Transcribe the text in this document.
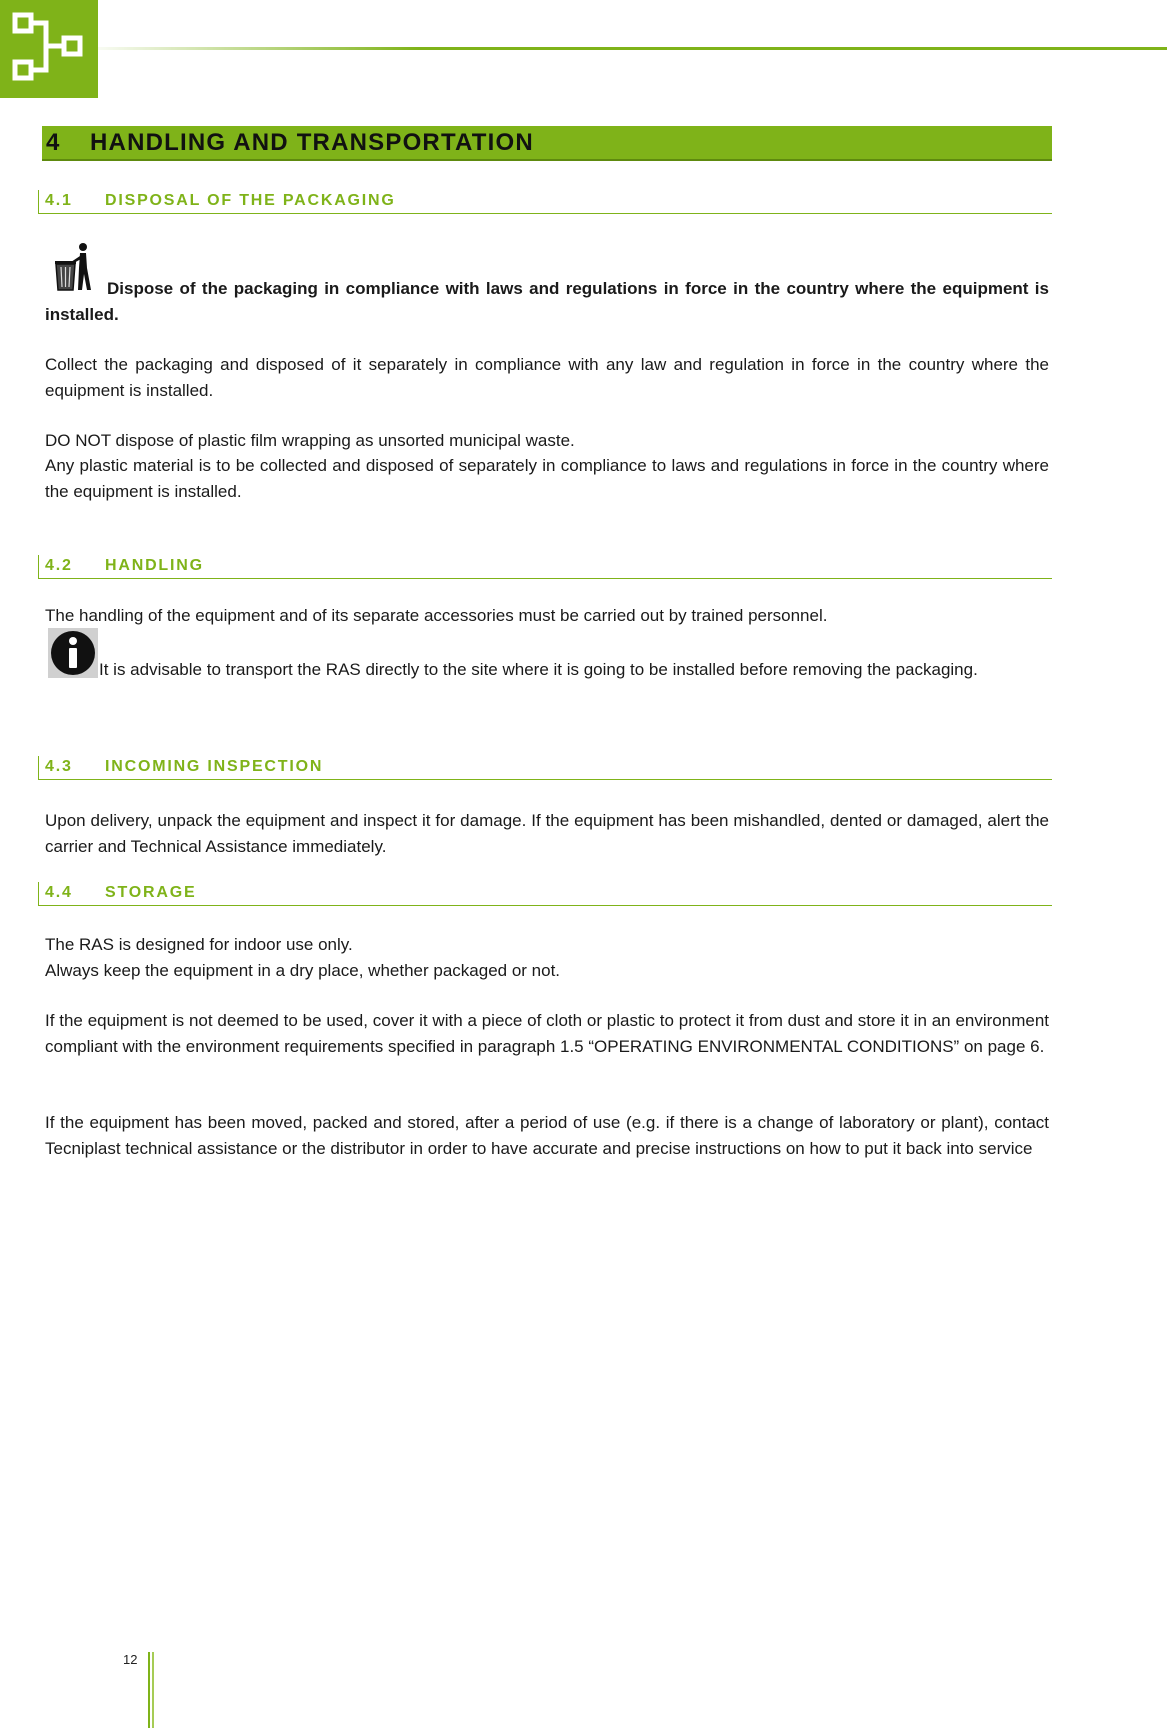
4	HANDLING AND TRANSPORTATION
4.1 DISPOSAL OF THE PACKAGING

Dispose of the packaging in compliance with laws and regulations in force in the country where the equipment is installed.

Collect the packaging and disposed of it separately in compliance with any law and regulation in force in the country where the equipment is installed.

DO NOT dispose of plastic film wrapping as unsorted municipal waste.

Any plastic material is to be collected and disposed of separately in compliance to laws and regulations in force in the country where the equipment is installed.

4.2 HANDLING

The handling of the equipment and of its separate accessories must be carried out by trained personnel.

It is advisable to transport the RAS directly to the site where it is going to be installed before removing the packaging.

4.3 INCOMING INSPECTION

Upon delivery, unpack the equipment and inspect it for damage. If the equipment has been mishandled, dented or damaged, alert the carrier and Technical Assistance immediately.

4.4 STORAGE

The RAS is designed for indoor use only.

Always keep the equipment in a dry place, whether packaged or not.

If the equipment is not deemed to be used, cover it with a piece of cloth or plastic to protect it from dust and store it in an environment compliant with the environment requirements specified in paragraph 1.5 “OPERATING ENVIRONMENTAL CONDITIONS” on page 6.

If the equipment has been moved, packed and stored, after a period of use (e.g. if there is a change of laboratory or plant), contact Tecniplast technical assistance or the distributor in order to have accurate and precise instructions on how to put it back into service

12
